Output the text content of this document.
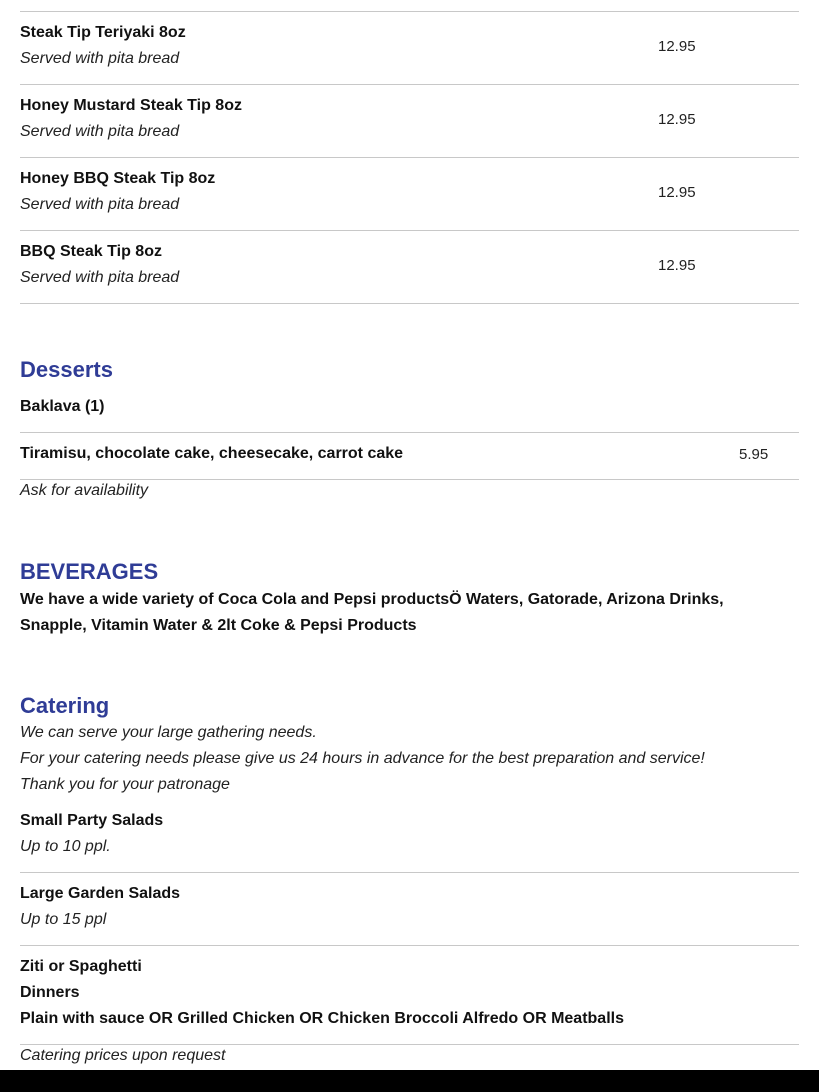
Steak Tip Teriyaki 8oz
Served with pita bread
12.95
Honey Mustard Steak Tip 8oz
Served with pita bread
12.95
Honey BBQ Steak Tip 8oz
Served with pita bread
12.95
BBQ Steak Tip 8oz
Served with pita bread
12.95
Desserts
Baklava (1)
Tiramisu, chocolate cake, cheesecake, carrot cake	5.95
Ask for availability
BEVERAGES
We have a wide variety of Coca Cola and Pepsi productsÖ Waters, Gatorade, Arizona Drinks, Snapple, Vitamin Water & 2lt Coke & Pepsi Products
Catering
We can serve your large gathering needs.
For your catering needs please give us 24 hours in advance for the best preparation and service!
Thank you for your patronage
Small Party Salads
Up to 10 ppl.
Large Garden Salads
Up to 15 ppl
Ziti or Spaghetti
Dinners
Plain with sauce OR Grilled Chicken OR Chicken Broccoli Alfredo OR Meatballs
Catering prices upon request
